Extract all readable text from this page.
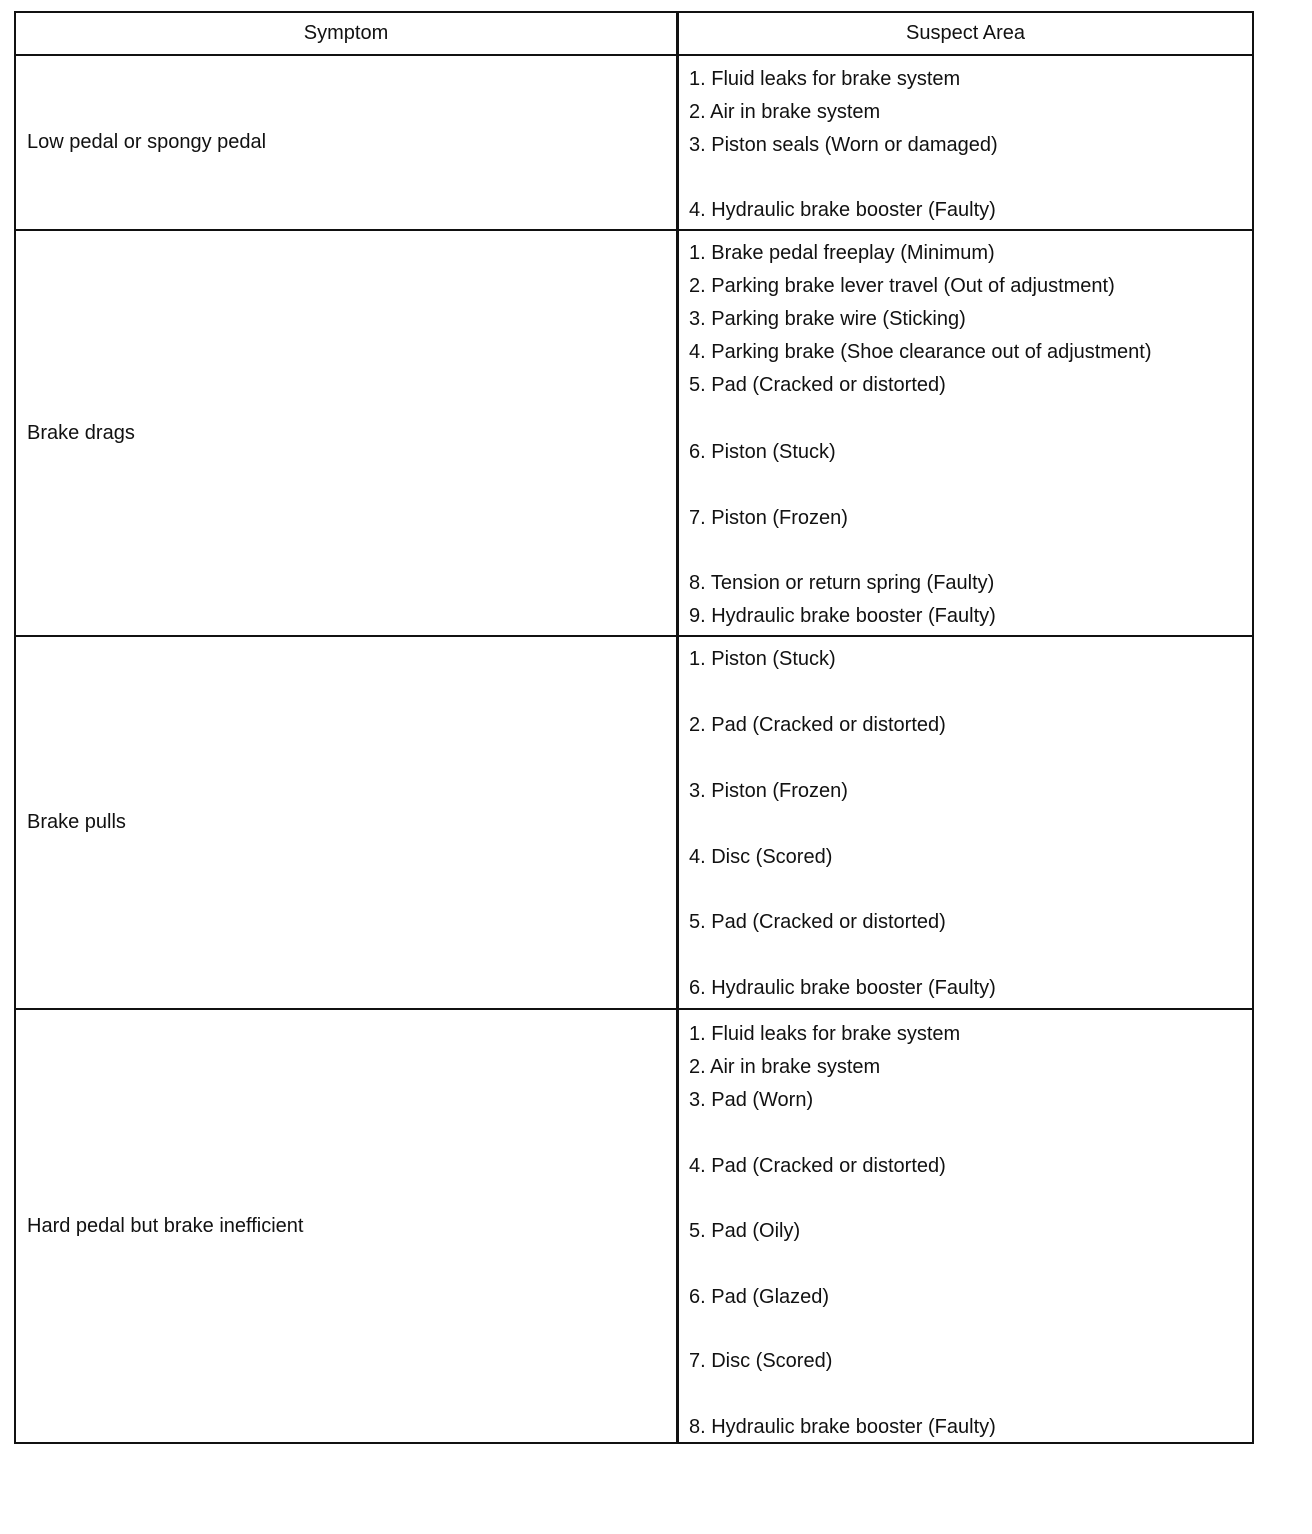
Symptom	Suspect Area
Low pedal or spongy pedal
1. Fluid leaks for brake system
2. Air in brake system
3. Piston seals (Worn or damaged)
4. Hydraulic brake booster (Faulty)
Brake drags
1. Brake pedal freeplay (Minimum)
2. Parking brake lever travel (Out of adjustment)
3. Parking brake wire (Sticking)
4. Parking brake (Shoe clearance out of adjustment)
5. Pad (Cracked or distorted)
6. Piston (Stuck)
7. Piston (Frozen)
8. Tension or return spring (Faulty)
9. Hydraulic brake booster (Faulty)
Brake pulls
1. Piston (Stuck)
2. Pad (Cracked or distorted)
3. Piston (Frozen)
4. Disc (Scored)
5. Pad (Cracked or distorted)
6. Hydraulic brake booster (Faulty)
Hard pedal but brake inefficient
1. Fluid leaks for brake system
2. Air in brake system
3. Pad (Worn)
4. Pad (Cracked or distorted)
5. Pad (Oily)
6. Pad (Glazed)
7. Disc (Scored)
8. Hydraulic brake booster (Faulty)
